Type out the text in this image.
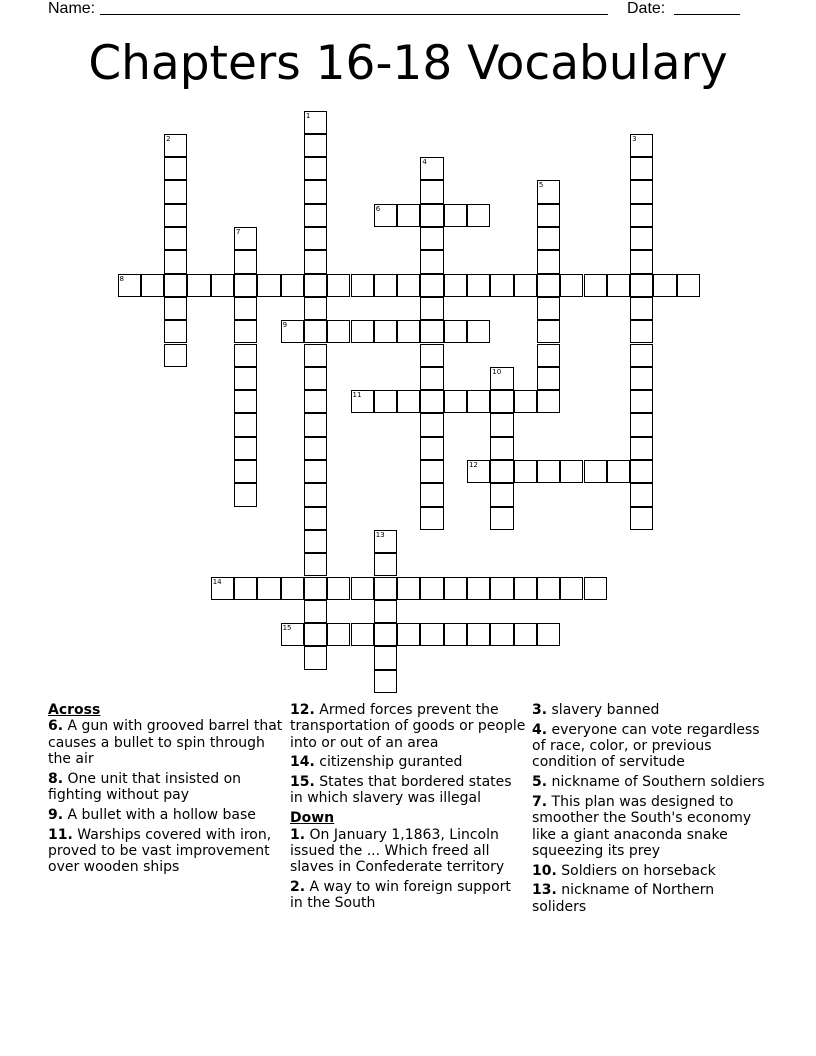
Name:	Date:
Chapters 16-18 Vocabulary
1
2	3
4
5
6
7
8
9
10
11
12
13
14
15

Across

6. A gun with grooved barrel that causes a bullet to spin through the air

8. One unit that insisted on fighting without pay

9. A bullet with a hollow base

11. Warships covered with iron, proved to be vast improvement over wooden ships

12. Armed forces prevent the transportation of goods or people into or out of an area

14. citizenship guranted

15. States that bordered states in which slavery was illegal

Down

1. On January 1,1863, Lincoln issued the ... Which freed all slaves in Confederate territory

2. A way to win foreign support in the South

3. slavery banned

4. everyone can vote regardless of race, color, or previous condition of servitude

5. nickname of Southern soldiers

7. This plan was designed to smoother the South's economy like a giant anaconda snake squeezing its prey

10. Soldiers on horseback

13. nickname of Northern soliders
